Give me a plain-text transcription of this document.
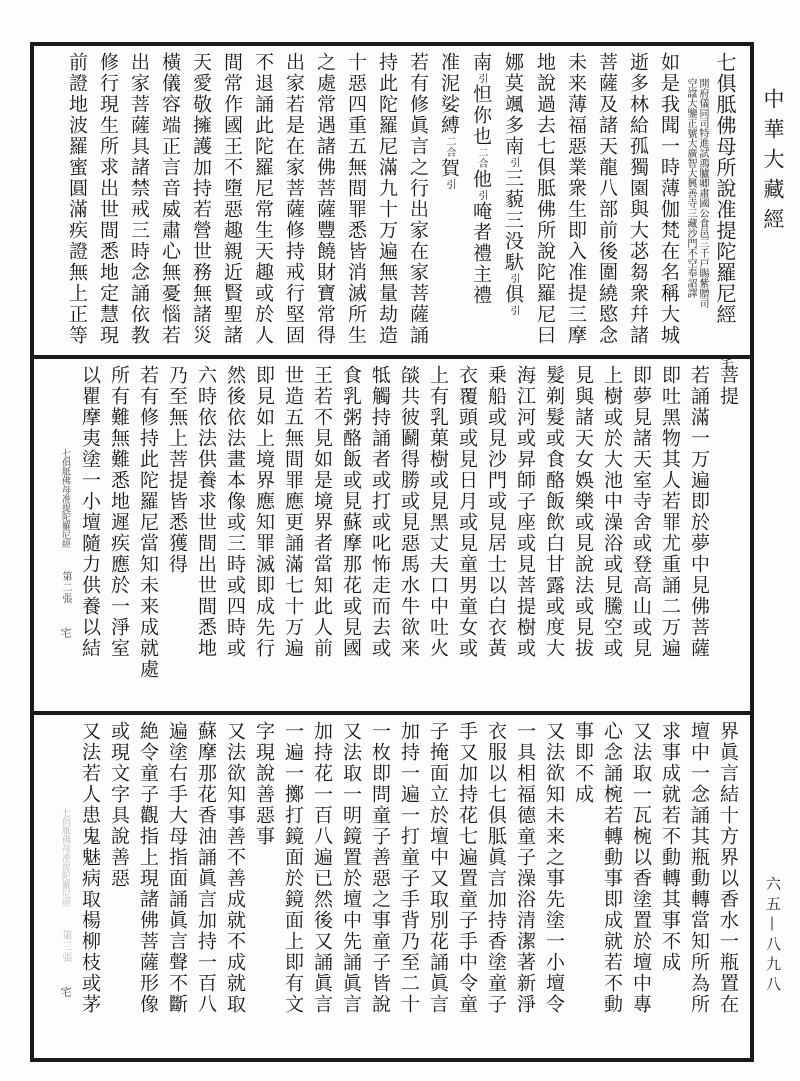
七俱胝佛母所說准提陀羅尼經 宅
開府儀同司特進試鴻臚卿肅國公食邑三千戸賜紫贈司
空諡大鑒正號大廣智大興善寺三藏沙門不空奉詔譯
如是我聞一時薄伽梵在名稱大城
逝多林給孤獨園與大苾芻衆幷諸
菩薩及諸天龍八部前後圍繞愍念
未来薄福惡業衆生即入准提三摩
地說過去七俱胝佛所說陀羅尼曰
娜莫颯多南引三藐三没馱引俱引
南引怛你也二合他引唵者禮主禮
准泥娑縛二合賀引
若有修眞言之行出家在家菩薩誦
持此陀羅尼滿九十万遍無量劫造
十惡四重五無間罪悉皆消滅所生
之處常遇諸佛菩薩豐饒財寶常得
出家若是在家菩薩修持戒行堅固
不退誦此陀羅尼常生天趣或於人
間常作國王不墮惡趣親近賢聖諸
天愛敬擁護加持若營世務無諸災
橫儀容端正言音威肅心無憂惱若
出家菩薩具諸禁戒三時念誦依教
修行現生所求出世間悉地定慧現
前證地波羅蜜圓滿疾證無上正等
菩提
若誦滿一万遍即於夢中見佛菩薩
即吐黑物其人若罪尤重誦二万遍
即夢見諸天室寺舍或登高山或見
上樹或於大池中澡浴或見騰空或
見與諸天女娛樂或見說法或見拔
髮剃髮或食酪飯飲白甘露或度大
海江河或昇師子座或見菩提樹或
乗船或見沙門或見居士以白衣黃
衣覆頭或見日月或見童男童女或
上有乳菓樹或見黑丈夫口中吐火
燄共彼鬬得勝或見惡馬水牛欲来
牴觸持誦者或打或叱怖走而去或
食乳粥酪飯或見蘇摩那花或見國
王若不見如是境界者當知此人前
世造五無間罪應更誦滿七十万遍
即見如上境界應知罪滅即成先行
然後依法畫本像或三時或四時或
六時依法供養求世間出世間悉地
乃至無上菩提皆悉獲得
若有修持此陀羅尼當知未来成就處
所有難無難悉地遲疾應於一淨室
以瞿摩夷塗一小壇隨力供養以結
七俱胝佛母准提陀羅尼經第二張宅
界眞言結十方界以香水一瓶置在
壇中一念誦其瓶動轉當知所為所
求事成就若不動轉其事不成
又法取一瓦椀以香塗置於壇中專
心念誦椀若轉動事即成就若不動
事即不成
又法欲知未来之事先塗一小壇令
一具相福德童子澡浴清潔著新淨
衣服以七俱胝眞言加持香塗童子
手又加持花七遍置童子手中令童
子掩面立於壇中又取別花誦眞言
加持一遍一打童子手背乃至二十
一枚即問童子善惡之事童子皆說
又法取一明鏡置於壇中先誦眞言
加持花一百八遍已然後又誦眞言
一遍一擲打鏡面於鏡面上即有文
字現說善惡事
又法欲知事善不善成就不成就取
蘇摩那花香油誦眞言加持一百八
遍塗右手大母指面誦眞言聲不斷
絶令童子觀指上現諸佛菩薩形像
或現文字具說善惡
又法若人患鬼魅病取楊柳枝或茅
七俱胝佛母准提陀羅尼經第三張宅
中華大藏經
六五—八九八
